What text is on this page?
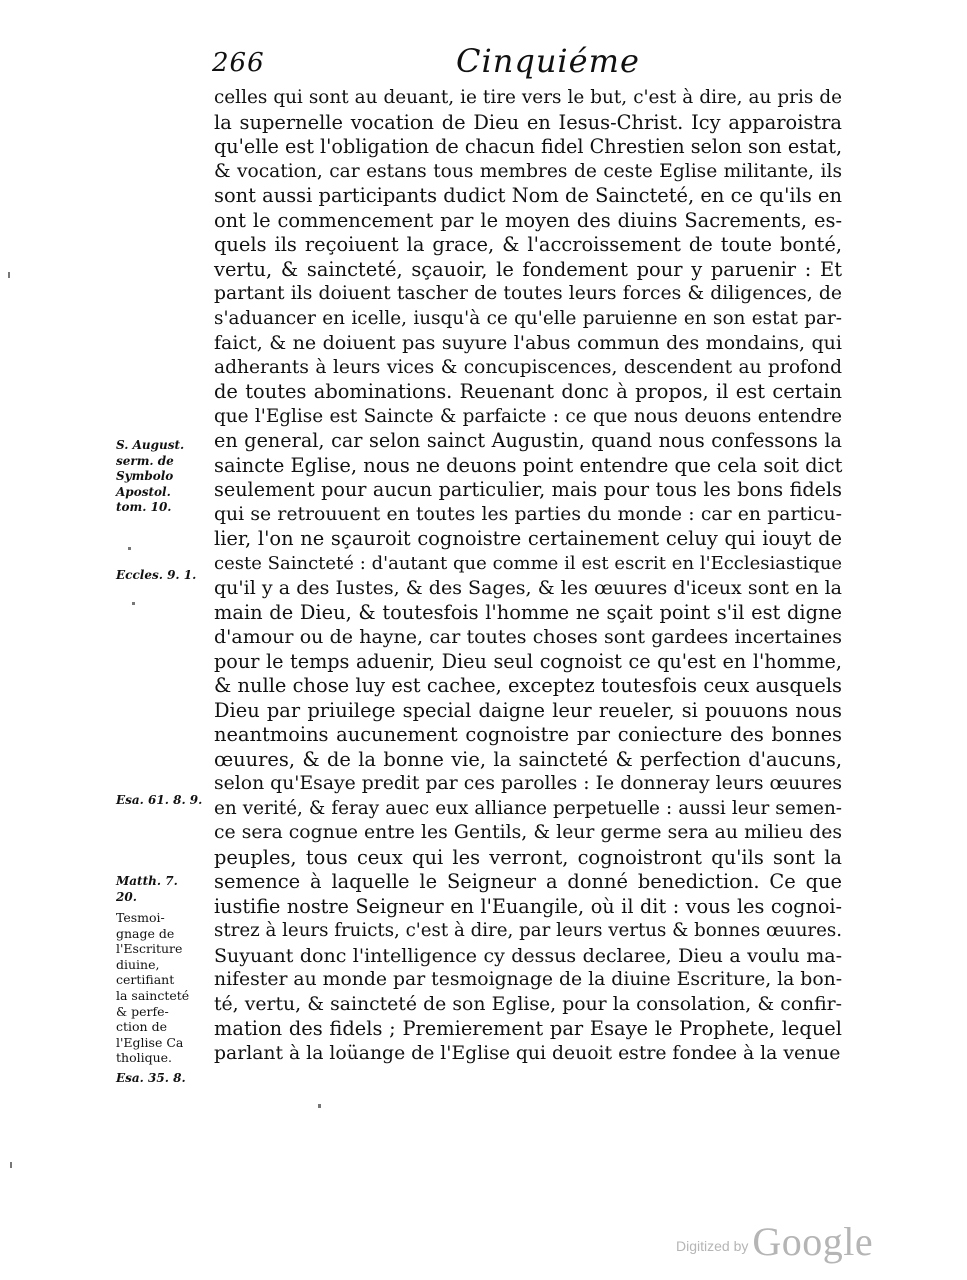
266	Cinquiéme
celles qui sont au deuant, ie tire vers le but, c'est à dire, au pris de
la supernelle vocation de Dieu en Iesus-Christ. Icy apparoistra
qu'elle est l'obligation de chacun fidel Chrestien selon son estat,
& vocation, car estans tous membres de ceste Eglise militante, ils
sont aussi participants dudict Nom de Saincteté, en ce qu'ils en
ont le commencement par le moyen des diuins Sacrements, es-
quels ils reçoiuent la grace, & l'accroissement de toute bonté,
vertu, & saincteté, sçauoir, le fondement pour y paruenir : Et
partant ils doiuent tascher de toutes leurs forces & diligences, de
s'aduancer en icelle, iusqu'à ce qu'elle paruienne en son estat par-
faict, & ne doiuent pas suyure l'abus commun des mondains, qui
adherants à leurs vices & concupiscences, descendent au profond
de toutes abominations. Reuenant donc à propos, il est certain
que l'Eglise est Saincte & parfaicte : ce que nous deuons entendre
en general, car selon sainct Augustin, quand nous confessons la
saincte Eglise, nous ne deuons point entendre que cela soit dict
seulement pour aucun particulier, mais pour tous les bons fidels
qui se retrouuent en toutes les parties du monde : car en particu-
lier, l'on ne sçauroit cognoistre certainement celuy qui iouyt de
ceste Saincteté : d'autant que comme il est escrit en l'Ecclesiastique
qu'il y a des Iustes, & des Sages, & les œuures d'iceux sont en la
main de Dieu, & toutesfois l'homme ne sçait point s'il est digne
d'amour ou de hayne, car toutes choses sont gardees incertaines
pour le temps aduenir, Dieu seul cognoist ce qu'est en l'homme,
& nulle chose luy est cachee, exceptez toutesfois ceux ausquels
Dieu par priuilege special daigne leur reueler, si pouuons nous
neantmoins aucunement cognoistre par coniecture des bonnes
œuures, & de la bonne vie, la saincteté & perfection d'aucuns,
selon qu'Esaye predit par ces parolles : Ie donneray leurs œuures
en verité, & feray auec eux alliance perpetuelle : aussi leur semen-
ce sera cognue entre les Gentils, & leur germe sera au milieu des
peuples, tous ceux qui les verront, cognoistront qu'ils sont la
semence à laquelle le Seigneur a donné benediction. Ce que
iustifie nostre Seigneur en l'Euangile, où il dit : vous les cognoi-
strez à leurs fruicts, c'est à dire, par leurs vertus & bonnes œuures.
Suyuant donc l'intelligence cy dessus declaree, Dieu a voulu ma-
nifester au monde par tesmoignage de la diuine Escriture, la bon-
té, vertu, & saincteté de son Eglise, pour la consolation, & confir-
mation des fidels ; Premierement par Esaye le Prophete, lequel
parlant à la loüange de l'Eglise qui deuoit estre fondee à la venue
S. August.
serm. de
Symbolo
Apostol.
tom. 10.
Eccles. 9. 1.
Esa. 61. 8. 9.
Matth. 7.
20.
Tesmoi-
gnage de
l'Escriture
diuine,
certifiant
la saincteté
& perfe-
ction de
l'Eglise Ca
tholique.
Esa. 35. 8.
Digitized by Google
